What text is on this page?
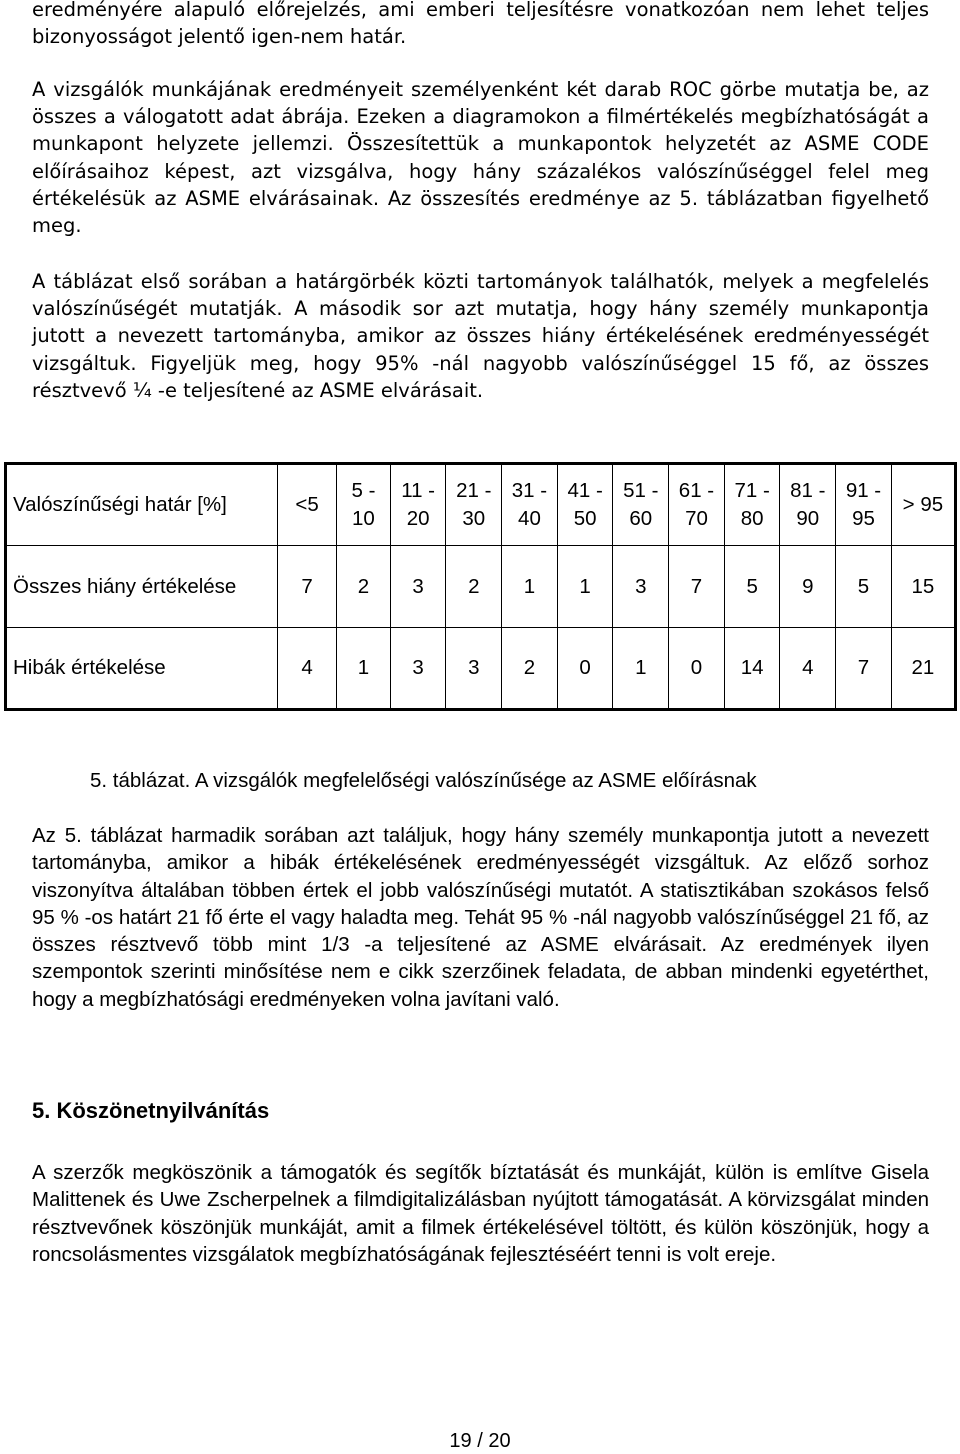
eredményére alapuló előrejelzés, ami emberi teljesítésre vonatkozóan nem lehet teljes bizonyosságot jelentő igen-nem határ.

A vizsgálók munkájának eredményeit személyenként két darab ROC görbe mutatja be, az összes a válogatott adat ábrája. Ezeken a diagramokon a filmértékelés megbízhatóságát a munkapont helyzete jellemzi. Összesítettük a munkapontok helyzetét az ASME CODE előírásaihoz képest, azt vizsgálva, hogy hány százalékos valószínűséggel felel meg értékelésük az ASME elvárásainak. Az összesítés eredménye az 5. táblázatban figyelhető meg.

A táblázat első sorában a határgörbék közti tartományok találhatók, melyek a megfelelés valószínűségét mutatják. A második sor azt mutatja, hogy hány személy munkapontja jutott a nevezett tartományba, amikor az összes hiány értékelésének eredményességét vizsgáltuk. Figyeljük meg, hogy 95% -nál nagyobb valószínűséggel 15 fő, az összes résztvevő ¼ -e teljesítené az ASME elvárásait.

Valószínűségi határ [%]	<5	5 - 10	11 - 20	21 - 30	31 - 40	41 - 50	51 - 60	61 - 70	71 - 80	81 - 90	91 - 95	> 95
Összes hiány értékelése	7	2	3	2	1	1	3	7	5	9	5	15
Hibák értékelése	4	1	3	3	2	0	1	0	14	4	7	21

5. táblázat. A vizsgálók megfelelőségi valószínűsége az ASME előírásnak

Az 5. táblázat harmadik sorában azt találjuk, hogy hány személy munkapontja jutott a nevezett tartományba, amikor a hibák értékelésének eredményességét vizsgáltuk. Az előző sorhoz viszonyítva általában többen értek el jobb valószínűségi mutatót. A statisztikában szokásos felső 95 % -os határt 21 fő érte el vagy haladta meg. Tehát 95 % -nál nagyobb valószínűséggel 21 fő, az összes résztvevő több mint 1/3 -a teljesítené az ASME elvárásait. Az eredmények ilyen szempontok szerinti minősítése nem e cikk szerzőinek feladata, de abban mindenki egyetérthet, hogy a megbízhatósági eredményeken volna javítani való.

5. Köszönetnyilvánítás

A szerzők megköszönik a támogatók és segítők bíztatását és munkáját, külön is említve Gisela Malittenek és Uwe Zscherpelnek a filmdigitalizálásban nyújtott támogatását. A körvizsgálat minden résztvevőnek köszönjük munkáját, amit a filmek értékelésével töltött, és külön köszönjük, hogy a roncsolásmentes vizsgálatok megbízhatóságának fejlesztéséért tenni is volt ereje.

19 / 20
